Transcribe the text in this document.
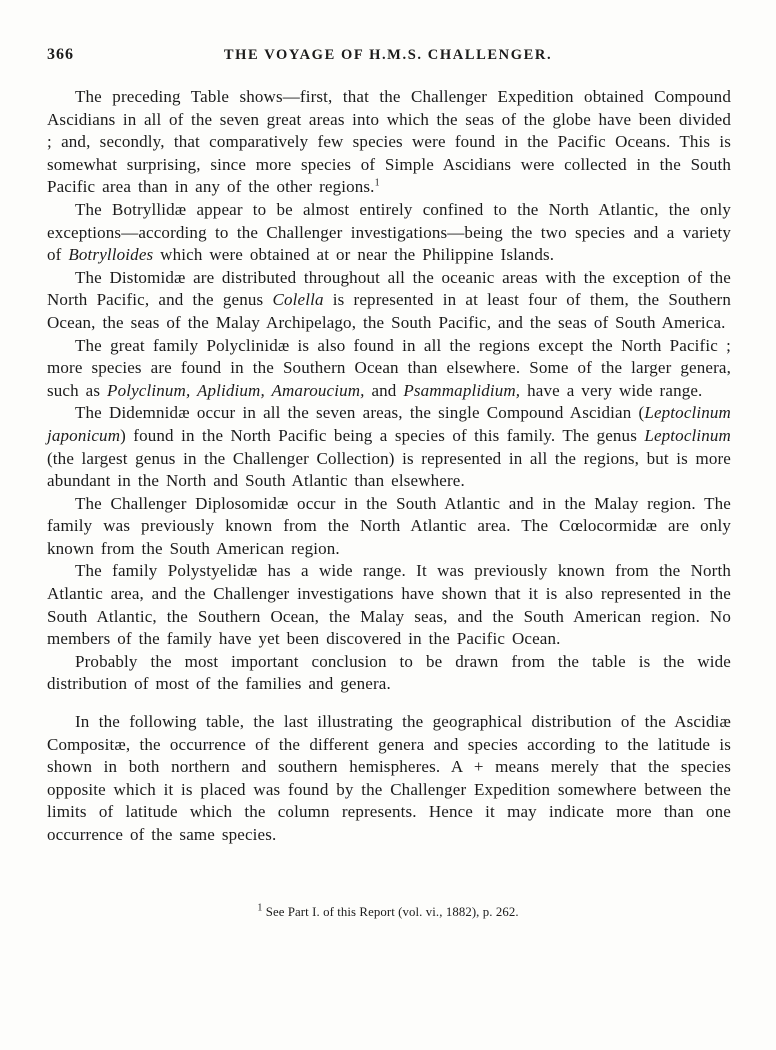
366	THE VOYAGE OF H.M.S. CHALLENGER.

The preceding Table shows—first, that the Challenger Expedition obtained Compound Ascidians in all of the seven great areas into which the seas of the globe have been divided ; and, secondly, that comparatively few species were found in the Pacific Oceans. This is somewhat surprising, since more species of Simple Ascidians were collected in the South Pacific area than in any of the other regions.$^1$

The Botryllidæ appear to be almost entirely confined to the North Atlantic, the only exceptions—according to the Challenger investigations—being the two species and a variety of Botrylloides which were obtained at or near the Philippine Islands.

The Distomidæ are distributed throughout all the oceanic areas with the exception of the North Pacific, and the genus Colella is represented in at least four of them, the Southern Ocean, the seas of the Malay Archipelago, the South Pacific, and the seas of South America.

The great family Polyclinidæ is also found in all the regions except the North Pacific ; more species are found in the Southern Ocean than elsewhere. Some of the larger genera, such as Polyclinum, Aplidium, Amaroucium, and Psammaplidium, have a very wide range.

The Didemnidæ occur in all the seven areas, the single Compound Ascidian (Leptoclinum japonicum) found in the North Pacific being a species of this family. The genus Leptoclinum (the largest genus in the Challenger Collection) is represented in all the regions, but is more abundant in the North and South Atlantic than elsewhere.

The Challenger Diplosomidæ occur in the South Atlantic and in the Malay region. The family was previously known from the North Atlantic area. The Cœlocormidæ are only known from the South American region.

The family Polystyelidæ has a wide range. It was previously known from the North Atlantic area, and the Challenger investigations have shown that it is also represented in the South Atlantic, the Southern Ocean, the Malay seas, and the South American region. No members of the family have yet been discovered in the Pacific Ocean.

Probably the most important conclusion to be drawn from the table is the wide distribution of most of the families and genera.

In the following table, the last illustrating the geographical distribution of the Ascidiæ Compositæ, the occurrence of the different genera and species according to the latitude is shown in both northern and southern hemispheres. A + means merely that the species opposite which it is placed was found by the Challenger Expedition somewhere between the limits of latitude which the column represents. Hence it may indicate more than one occurrence of the same species.

$^1$ See Part I. of this Report (vol. vi., 1882), p. 262.
